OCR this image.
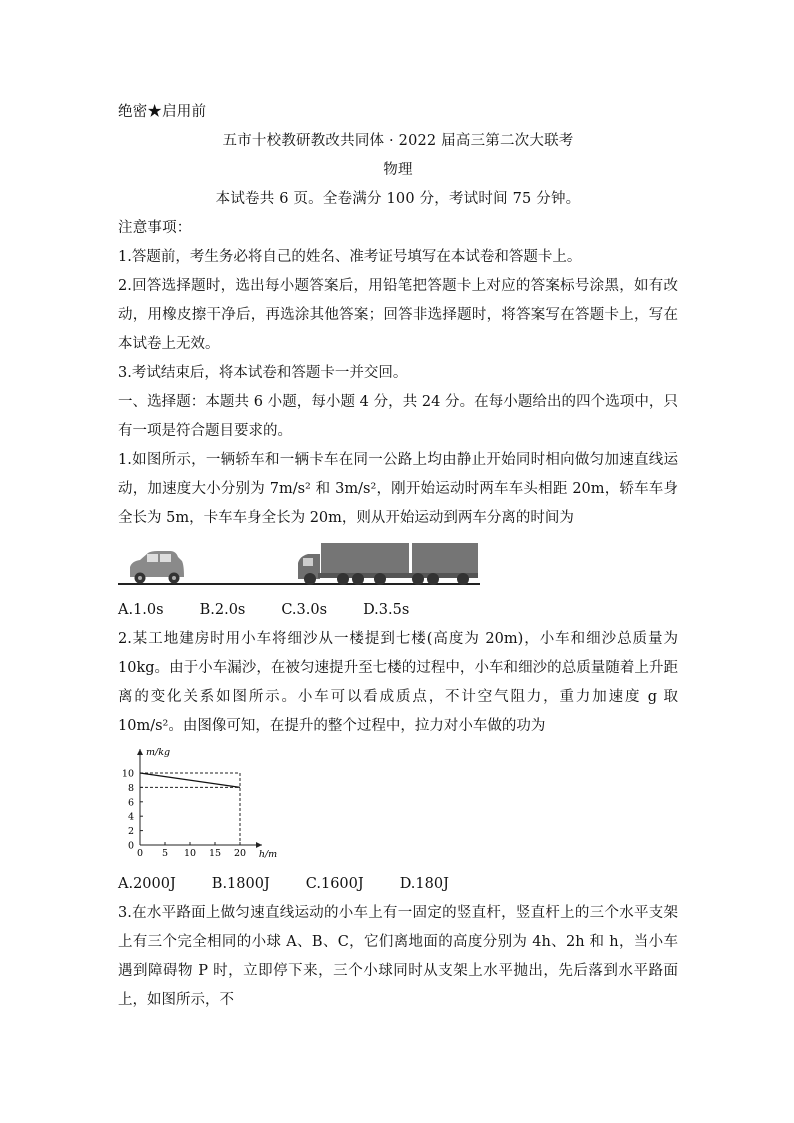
绝密★启用前
五市十校教研教改共同体 · 2022 届高三第二次大联考
物理
本试卷共 6 页。全卷满分 100 分，考试时间 75 分钟。
注意事项：
1.答题前，考生务必将自己的姓名、准考证号填写在本试卷和答题卡上。
2.回答选择题时，选出每小题答案后，用铅笔把答题卡上对应的答案标号涂黑，如有改动，用橡皮擦干净后，再选涂其他答案；回答非选择题时，将答案写在答题卡上，写在本试卷上无效。
3.考试结束后，将本试卷和答题卡一并交回。
一、选择题：本题共 6 小题，每小题 4 分，共 24 分。在每小题给出的四个选项中，只有一项是符合题目要求的。
1.如图所示，一辆轿车和一辆卡车在同一公路上均由静止开始同时相向做匀加速直线运动，加速度大小分别为 7m/s² 和 3m/s²，刚开始运动时两车车头相距 20m，轿车车身全长为 5m，卡车车身全长为 20m，则从开始运动到两车分离的时间为
A.1.0s B.2.0s C.3.0s D.3.5s
2.某工地建房时用小车将细沙从一楼提到七楼(高度为 20m)，小车和细沙总质量为 10kg。由于小车漏沙，在被匀速提升至七楼的过程中，小车和细沙的总质量随着上升距离的变化关系如图所示。小车可以看成质点，不计空气阻力，重力加速度 g 取 10m/s²。由图像可知，在提升的整个过程中，拉力对小车做的功为
0 5 10 15 20
0
2
4
6
8
10
h/m
m/kg
A.2000J B.1800J C.1600J D.180J
3.在水平路面上做匀速直线运动的小车上有一固定的竖直杆，竖直杆上的三个水平支架上有三个完全相同的小球 A、B、C，它们离地面的高度分别为 4h、2h 和 h，当小车遇到障碍物 P 时，立即停下来，三个小球同时从支架上水平抛出，先后落到水平路面上，如图所示，不
